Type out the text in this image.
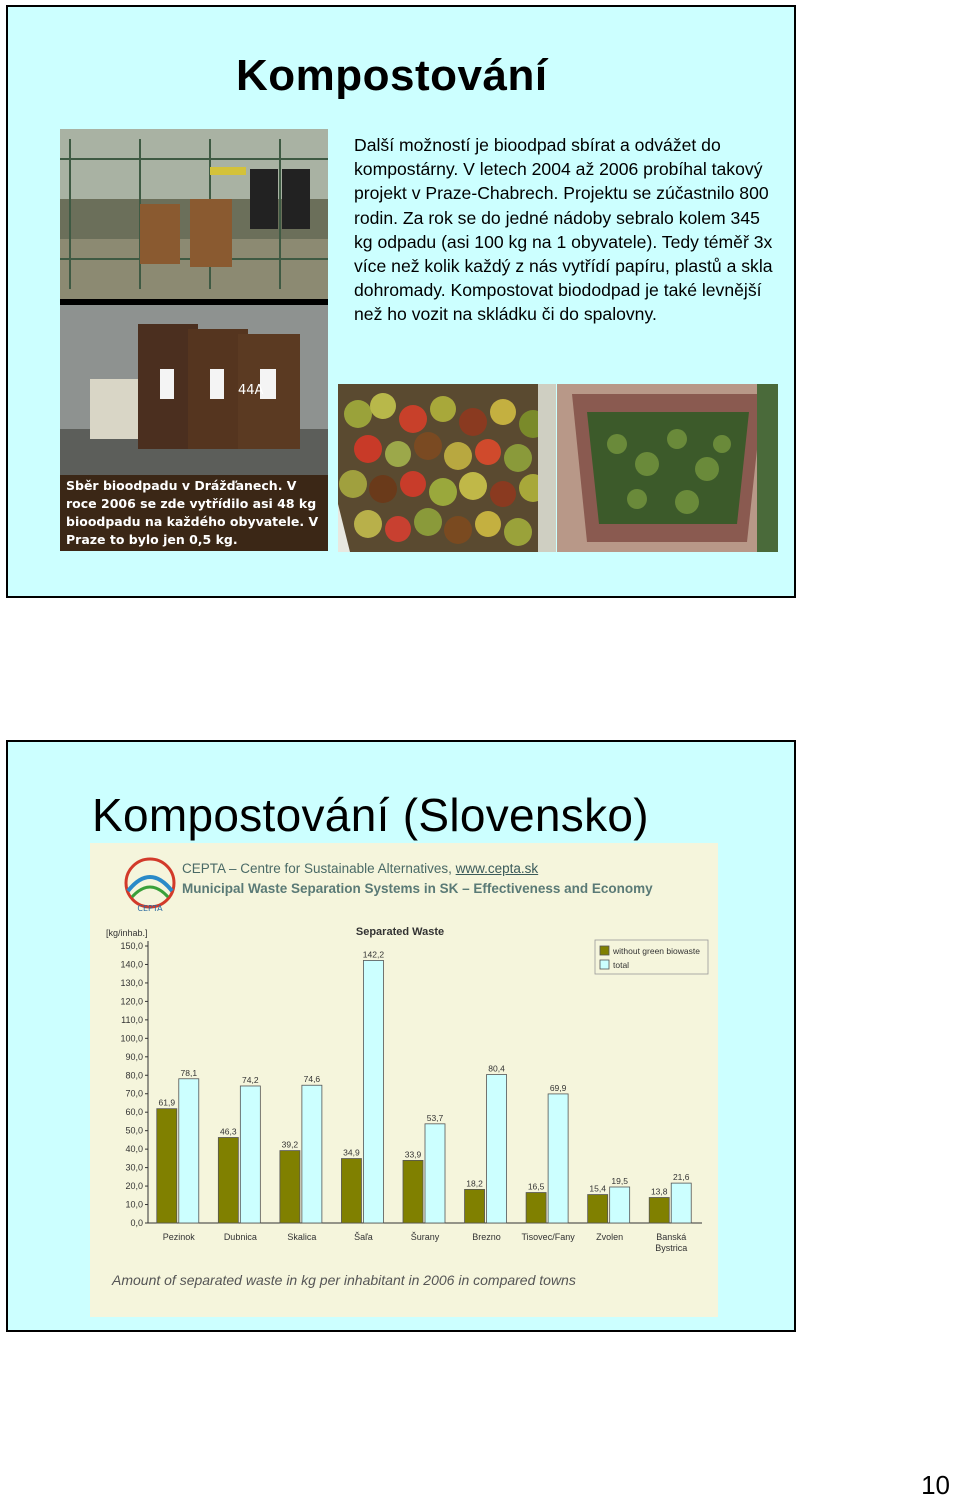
Kompostování
44A
Sběr bioodpadu v Drážďanech. V roce 2006 se zde vytřídilo asi 48 kg bioodpadu na každého obyvatele. V Praze to bylo jen 0,5 kg.
Další možností je bioodpad sbírat a odvážet do kompostárny. V letech 2004 až 2006 probíhal takový projekt v Praze-Chabrech. Projektu se zúčastnilo 800 rodin. Za rok se do jedné nádoby sebralo kolem 345 kg odpadu (asi 100 kg na 1 obyvatele). Tedy téměř 3x více než kolik každý z nás vytřídí papíru, plastů a skla dohromady. Kompostovat biododpad je také levnější než ho vozit na skládku či do spalovny.
Kompostování (Slovensko)
CEPTA
CEPTA – Centre for Sustainable Alternatives, www.cepta.sk
Municipal Waste Separation Systems in SK – Effectiveness and Economy
Separated Waste
[kg/inhab.]
0,0
10,0
20,0
30,0
40,0
50,0
60,0
70,0
80,0
90,0
100,0
110,0
120,0
130,0
140,0
150,0
61,9
78,1
Pezinok
46,3
74,2
Dubnica
39,2
74,6
Skalica
34,9
142,2
Šaľa
33,9
53,7
Šurany
18,2
80,4
Brezno
16,5
69,9
Tisovec/Fany
15,4
19,5
Zvolen
13,8
21,6
Banská
Bystrica
without green biowaste
total
Amount of separated waste in kg per inhabitant in 2006 in compared towns
10
